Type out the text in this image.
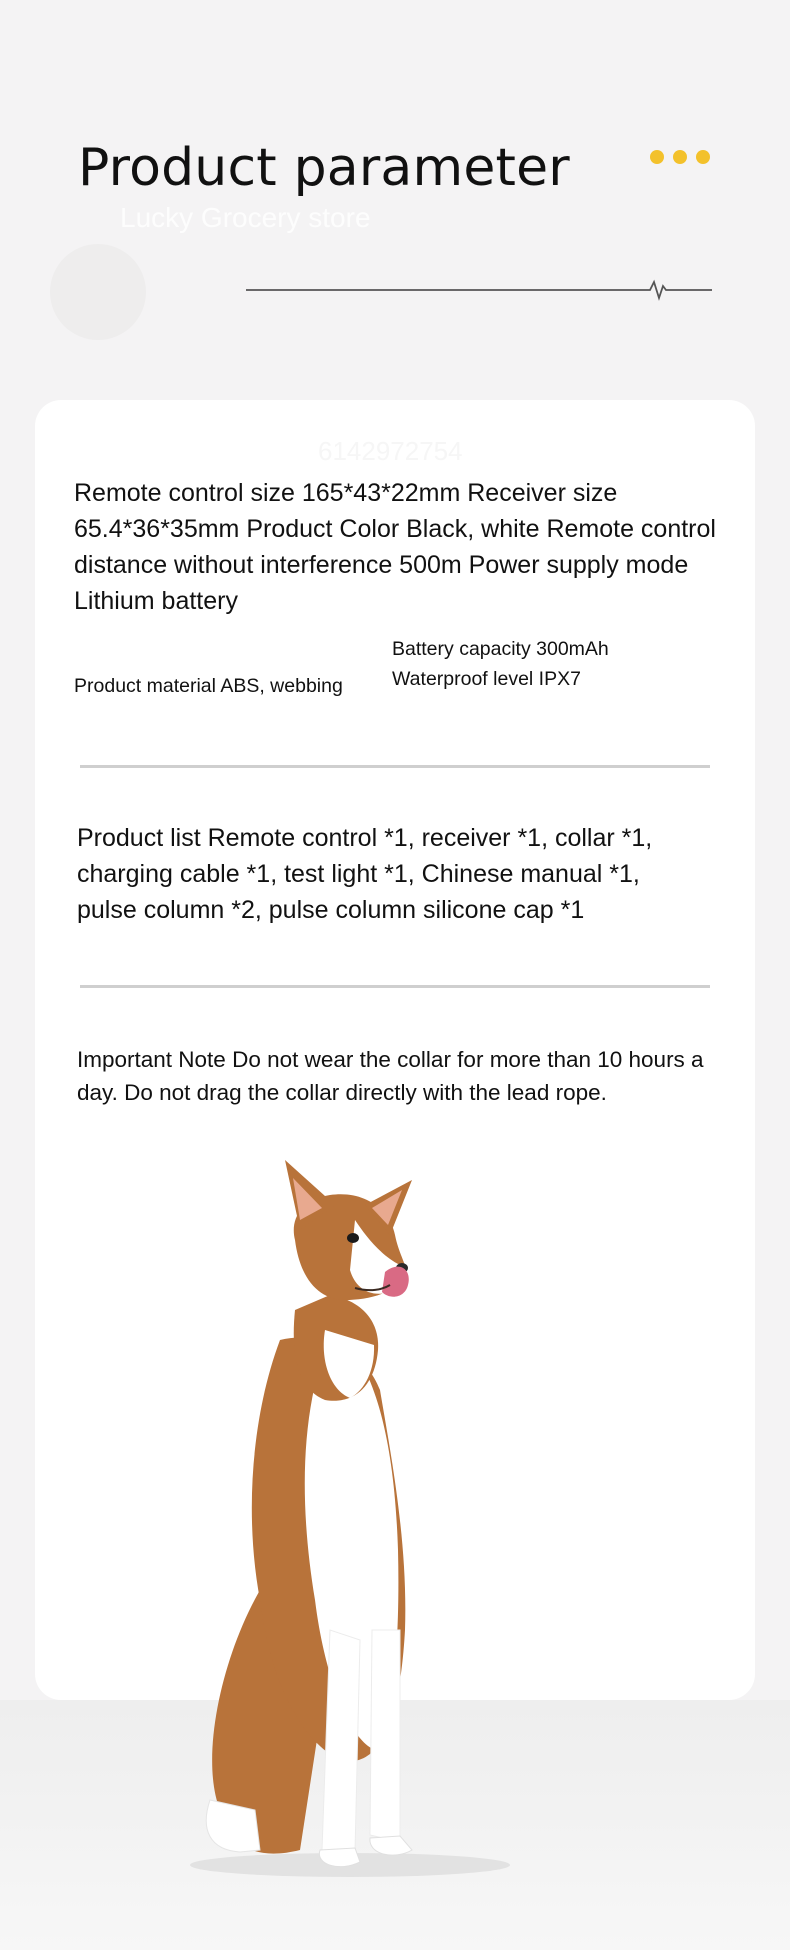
Product parameter
Lucky Grocery store
6142972754

Remote control size 165*43*22mm Receiver size 65.4*36*35mm Product Color Black, white Remote control distance without interference 500m Power supply mode Lithium battery

Battery capacity 300mAh

Waterproof level IPX7

Product material ABS, webbing

Product list Remote control *1, receiver *1, collar *1, charging cable *1, test light *1, Chinese manual *1, pulse column *2, pulse column silicone cap *1

Important Note Do not wear the collar for more than 10 hours a day. Do not drag the collar directly with the lead rope.
